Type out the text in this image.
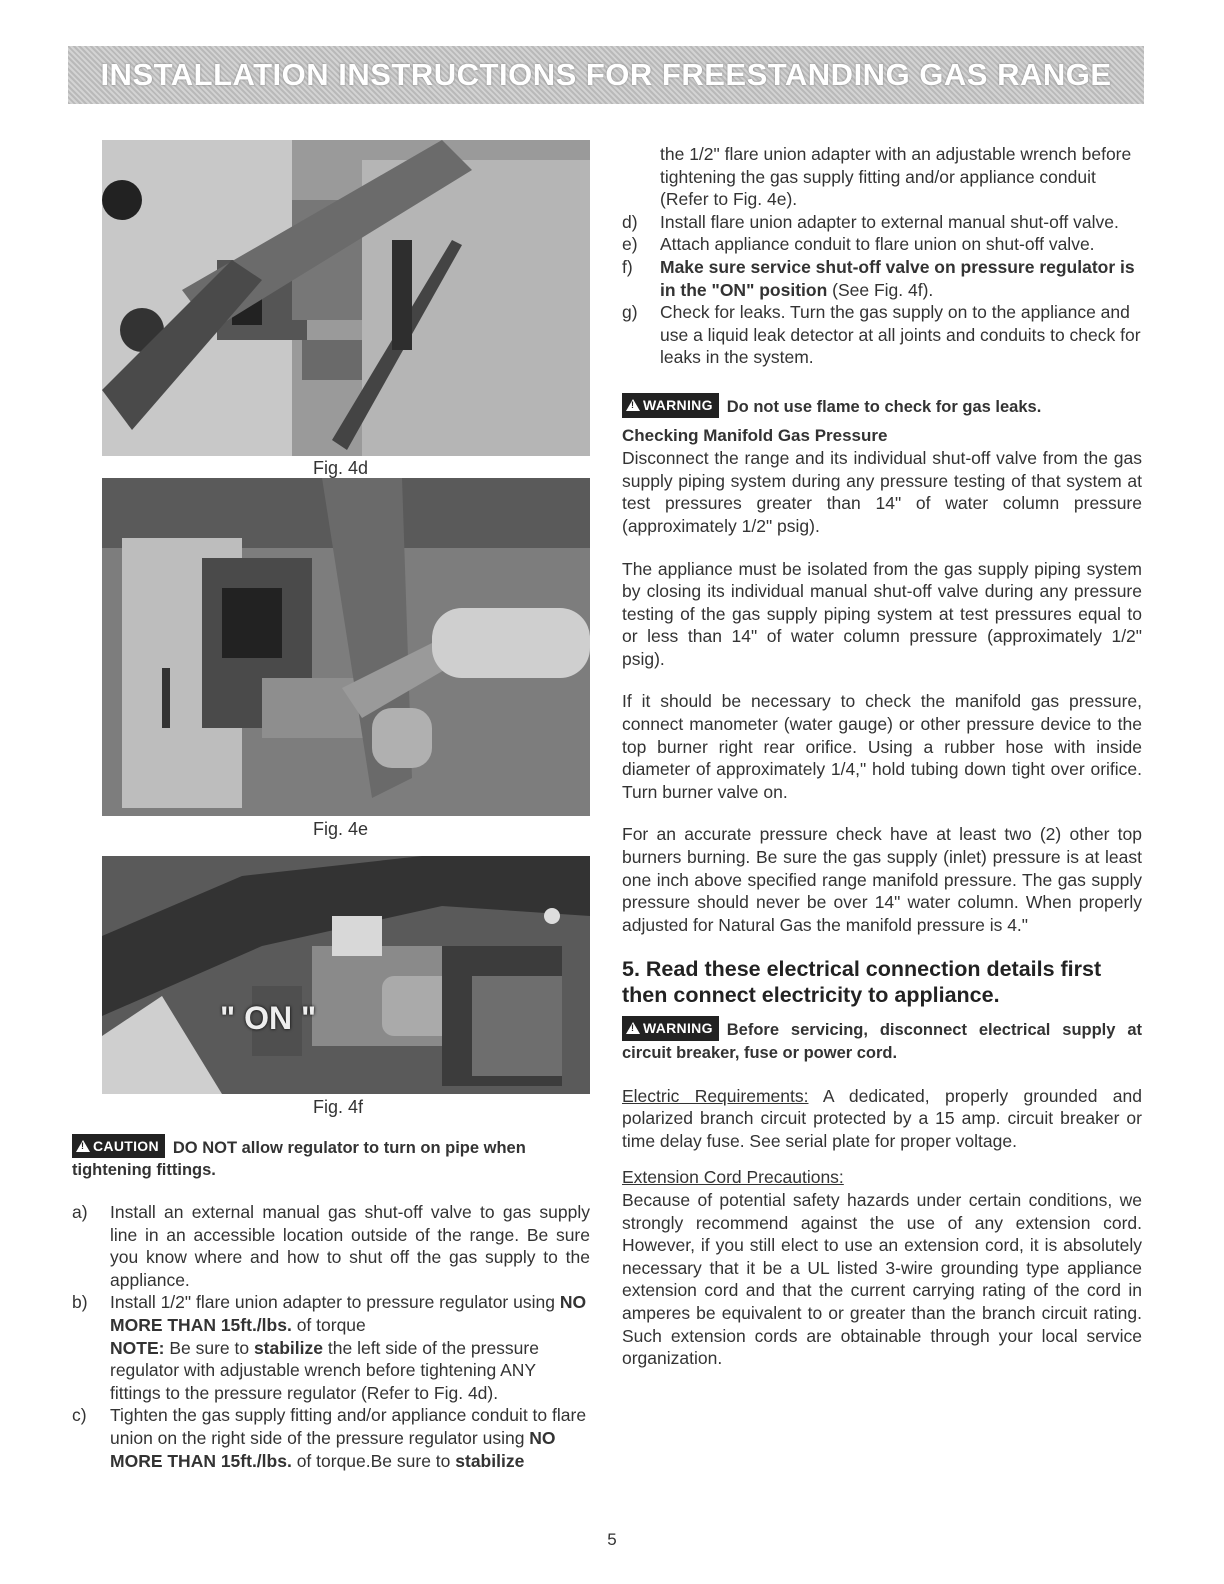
INSTALLATION INSTRUCTIONS FOR FREESTANDING GAS RANGE
Fig. 4d
Fig. 4e
" ON "
Fig. 4f

!CAUTION DO NOT allow regulator to turn on pipe when tightening fittings.

a) Install an external manual gas shut-off valve to gas supply line in an accessible location outside of the range. Be sure you know where and how to shut off the gas supply to the appliance.

b) Install 1/2" flare union adapter to pressure regulator using NO MORE THAN 15ft./lbs. of torque
NOTE: Be sure to stabilize the left side of the pressure regulator with adjustable wrench before tightening ANY fittings to the pressure regulator (Refer to Fig. 4d).

c) Tighten the gas supply fitting and/or appliance conduit to flare union on the right side of the pressure regulator using NO MORE THAN 15ft./lbs. of torque.Be sure to stabilize

the 1/2" flare union adapter with an adjustable wrench before tightening the gas supply fitting and/or appliance conduit (Refer to Fig. 4e).

d) Install flare union adapter to external manual shut-off valve.

e) Attach appliance conduit to flare union on shut-off valve.

f) Make sure service shut-off valve on pressure regulator is in the "ON" position (See Fig. 4f).

g) Check for leaks. Turn the gas supply on to the appliance and use a liquid leak detector at all joints and conduits to check for leaks in the system.

!WARNING Do not use flame to check for gas leaks.

Checking Manifold Gas Pressure

Disconnect the range and its individual shut-off valve from the gas supply piping system during any pressure testing of that system at test pressures greater than 14" of water column pressure (approximately 1/2" psig).

The appliance must be isolated from the gas supply piping system by closing its individual manual shut-off valve during any pressure testing of the gas supply piping system at test pressures equal to or less than 14" of water column pressure (approximately 1/2" psig).

If it should be necessary to check the manifold gas pressure, connect manometer (water gauge) or other pressure device to the top burner right rear orifice. Using a rubber hose with inside diameter of approximately 1/4," hold tubing down tight over orifice. Turn burner valve on.

For an accurate pressure check have at least two (2) other top burners burning. Be sure the gas supply (inlet) pressure is at least one inch above specified range manifold pressure. The gas supply pressure should never be over 14" water column. When properly adjusted for Natural Gas the manifold pressure is 4."

5. Read these electrical connection details first then connect electricity to appliance.

!WARNING Before servicing, disconnect electrical supply at circuit breaker, fuse or power cord.

Electric Requirements: A dedicated, properly grounded and polarized branch circuit protected by a 15 amp. circuit breaker or time delay fuse. See serial plate for proper voltage.

Extension Cord Precautions:

Because of potential safety hazards under certain conditions, we strongly recommend against the use of any extension cord. However, if you still elect to use an extension cord, it is absolutely necessary that it be a UL listed 3-wire grounding type appliance extension cord and that the current carrying rating of the cord in amperes be equivalent to or greater than the branch circuit rating. Such extension cords are obtainable through your local service organization.

5
